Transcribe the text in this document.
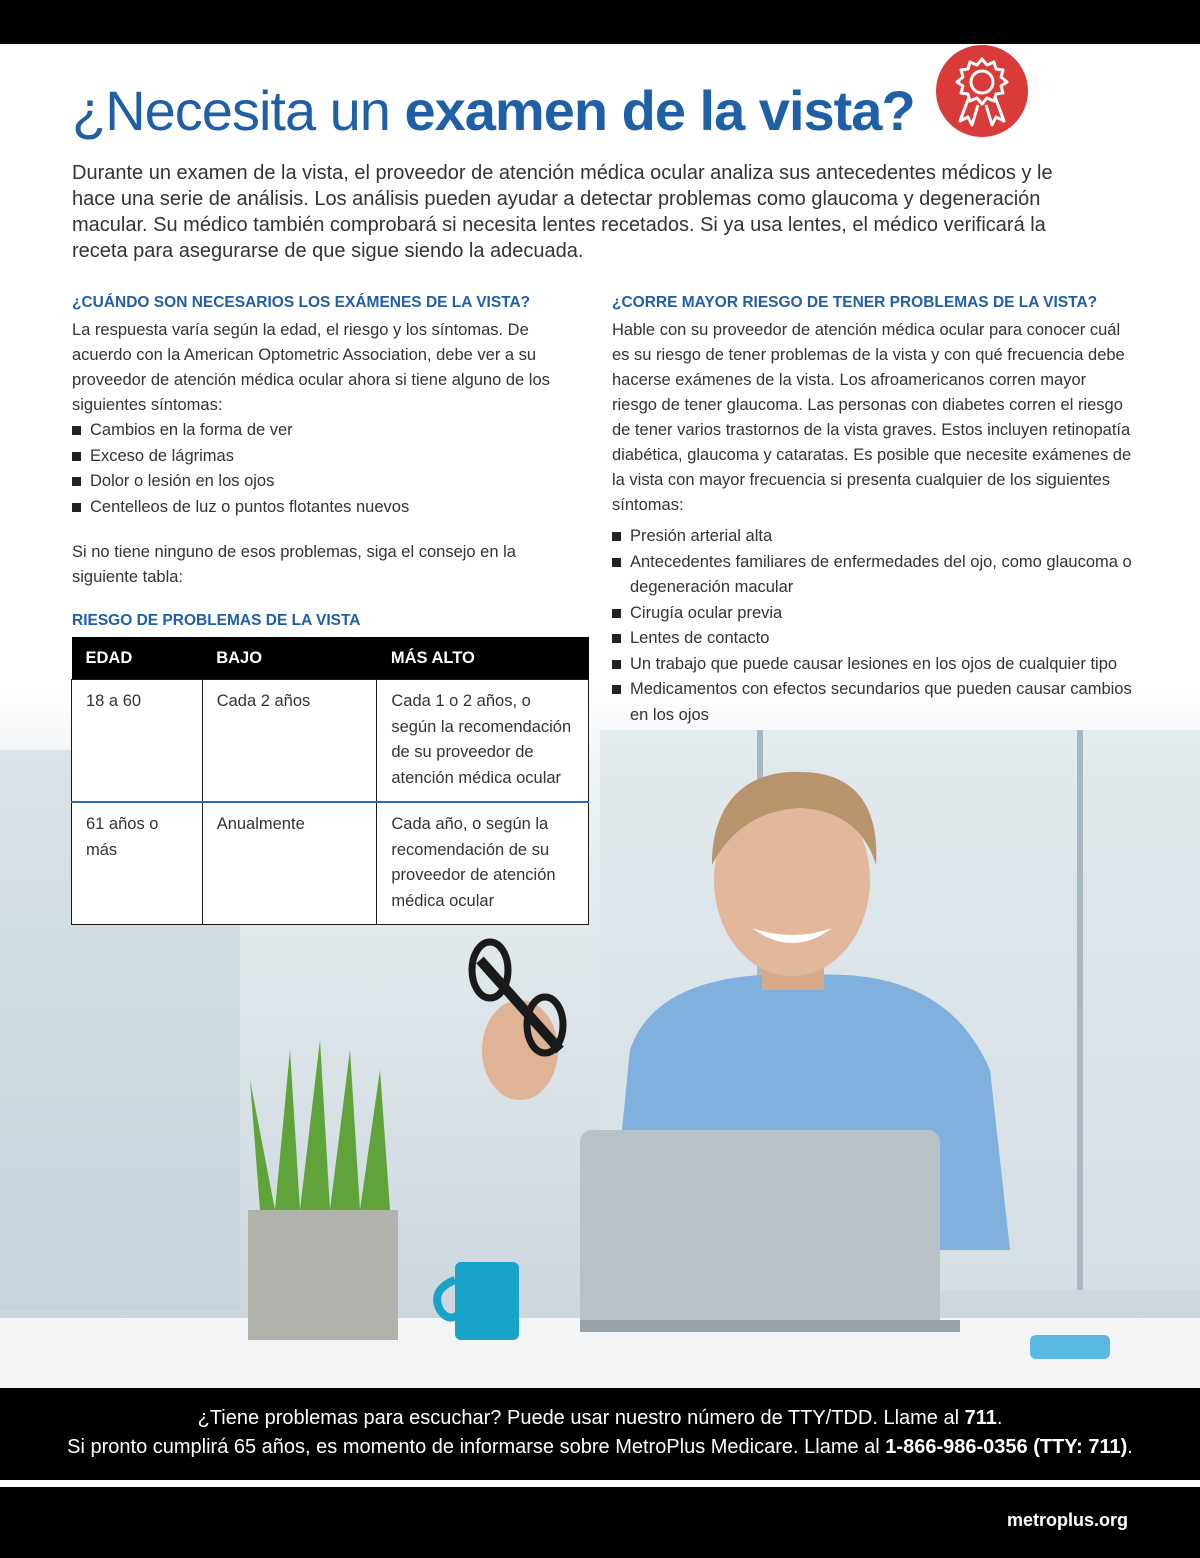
¿Necesita un examen de la vista?

Durante un examen de la vista, el proveedor de atención médica ocular analiza sus antecedentes médicos y le hace una serie de análisis. Los análisis pueden ayudar a detectar problemas como glaucoma y degeneración macular. Su médico también comprobará si necesita lentes recetados. Si ya usa lentes, el médico verificará la receta para asegurarse de que sigue siendo la adecuada.

¿CUÁNDO SON NECESARIOS LOS EXÁMENES DE LA VISTA?

La respuesta varía según la edad, el riesgo y los síntomas. De acuerdo con la American Optometric Association, debe ver a su proveedor de atención médica ocular ahora si tiene alguno de los siguientes síntomas:

Cambios en la forma de ver
Exceso de lágrimas
Dolor o lesión en los ojos
Centelleos de luz o puntos flotantes nuevos

Si no tiene ninguno de esos problemas, siga el consejo en la siguiente tabla:

RIESGO DE PROBLEMAS DE LA VISTA
EDAD	BAJO	MÁS ALTO
18 a 60	Cada 2 años	Cada 1 o 2 años, o según la recomendación de su proveedor de atención médica ocular
61 años o más	Anualmente	Cada año, o según la recomendación de su proveedor de atención médica ocular
¿CORRE MAYOR RIESGO DE TENER PROBLEMAS DE LA VISTA?

Hable con su proveedor de atención médica ocular para conocer cuál es su riesgo de tener problemas de la vista y con qué frecuencia debe hacerse exámenes de la vista. Los afroamericanos corren mayor riesgo de tener glaucoma. Las personas con diabetes corren el riesgo de tener varios trastornos de la vista graves. Estos incluyen retinopatía diabética, glaucoma y cataratas. Es posible que necesite exámenes de la vista con mayor frecuencia si presenta cualquier de los siguientes síntomas:

Presión arterial alta
Antecedentes familiares de enfermedades del ojo, como glaucoma o degeneración macular
Cirugía ocular previa
Lentes de contacto
Un trabajo que puede causar lesiones en los ojos de cualquier tipo
Medicamentos con efectos secundarios que pueden causar cambios en los ojos

¿Tiene problemas para escuchar? Puede usar nuestro número de TTY/TDD. Llame al 711.

Si pronto cumplirá 65 años, es momento de informarse sobre MetroPlus Medicare. Llame al 1-866-986-0356 (TTY: 711).

metroplus.org
